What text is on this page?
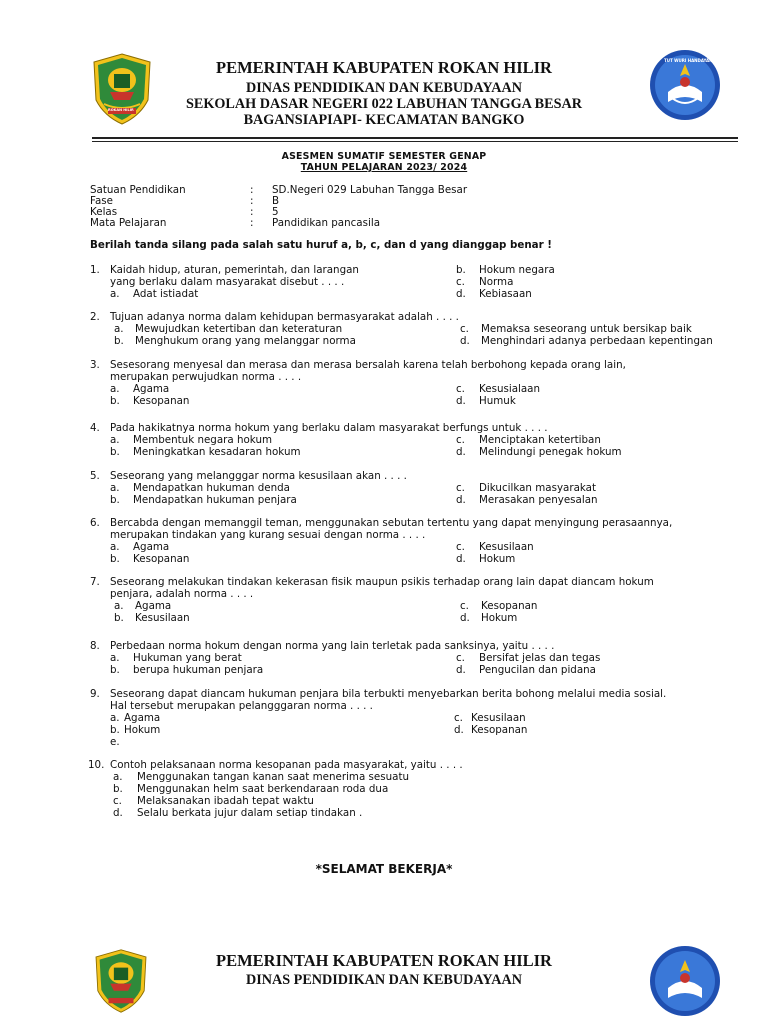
ROKAN HILIR
TUT WURI HANDAYANI
PEMERINTAH KABUPATEN ROKAN HILIR
DINAS PENDIDIKAN DAN KEBUDAYAAN
SEKOLAH DASAR NEGERI 022 LABUHAN TANGGA BESAR
BAGANSIAPIAPI- KECAMATAN BANGKO
ASESMEN SUMATIF SEMESTER GENAP
TAHUN PELAJARAN 2023/ 2024
Satuan Pendidikan	: SD.Negeri 029 Labuhan Tangga Besar
Fase	: B
Kelas	: 5
Mata Pelajaran	: Pandidikan pancasila
Berilah tanda silang pada salah satu huruf a, b, c, dan d yang dianggap benar !
1. Kaidah hidup, aturan, pemerintah, dan larangan
yang berlaku dalam masyarakat disebut . . . .
a. Adat istiadat
b. Hokum negara
c. Norma
d. Kebiasaan
2. Tujuan adanya norma dalam kehidupan bermasyarakat adalah . . . .
a. Mewujudkan ketertiban dan keteraturan
b. Menghukum orang yang melanggar norma
c. Memaksa seseorang untuk bersikap baik
d. Menghindari adanya perbedaan kepentingan
3. Sesesorang menyesal dan merasa dan merasa bersalah karena telah berbohong kepada orang lain,
merupakan perwujudkan norma . . . .
a. Agama
b. Kesopanan
c. Kesusialaan
d. Humuk
4. Pada hakikatnya norma hokum yang berlaku dalam masyarakat berfungs untuk . . . .
a. Membentuk negara hokum
b. Meningkatkan kesadaran hokum
c. Menciptakan ketertiban
d. Melindungi penegak hokum
5. Seseorang yang melangggar norma kesusilaan akan . . . .
a. Mendapatkan hukuman denda
b. Mendapatkan hukuman penjara
c. Dikucilkan masyarakat
d. Merasakan penyesalan
6. Bercabda dengan memanggil teman, menggunakan sebutan tertentu yang dapat menyingung perasaannya,
merupakan tindakan yang kurang sesuai dengan norma . . . .
a. Agama
b. Kesopanan
c. Kesusilaan
d. Hokum
7. Seseorang melakukan tindakan kekerasan fisik maupun psikis terhadap orang lain dapat diancam hokum
penjara, adalah norma . . . .
a. Agama
b. Kesusilaan
c. Kesopanan
d. Hokum
8. Perbedaan norma hokum dengan norma yang lain terletak pada sanksinya, yaitu . . . .
a. Hukuman yang berat
b. berupa hukuman penjara
c. Bersifat jelas dan tegas
d. Pengucilan dan pidana
9. Seseorang dapat diancam hukuman penjara bila terbukti menyebarkan berita bohong melalui media sosial.
Hal tersebut merupakan pelangggaran norma . . . .
a. Agama
b. Hokum
c. Kesusilaan
d. Kesopanan
e.
10. Contoh pelaksanaan norma kesopanan pada masyarakat, yaitu . . . .
a. Menggunakan tangan kanan saat menerima sesuatu
b. Menggunakan helm saat berkendaraan roda dua
c. Melaksanakan ibadah tepat waktu
d. Selalu berkata jujur dalam setiap tindakan .
*SELAMAT BEKERJA*
PEMERINTAH KABUPATEN ROKAN HILIR
DINAS PENDIDIKAN DAN KEBUDAYAAN
